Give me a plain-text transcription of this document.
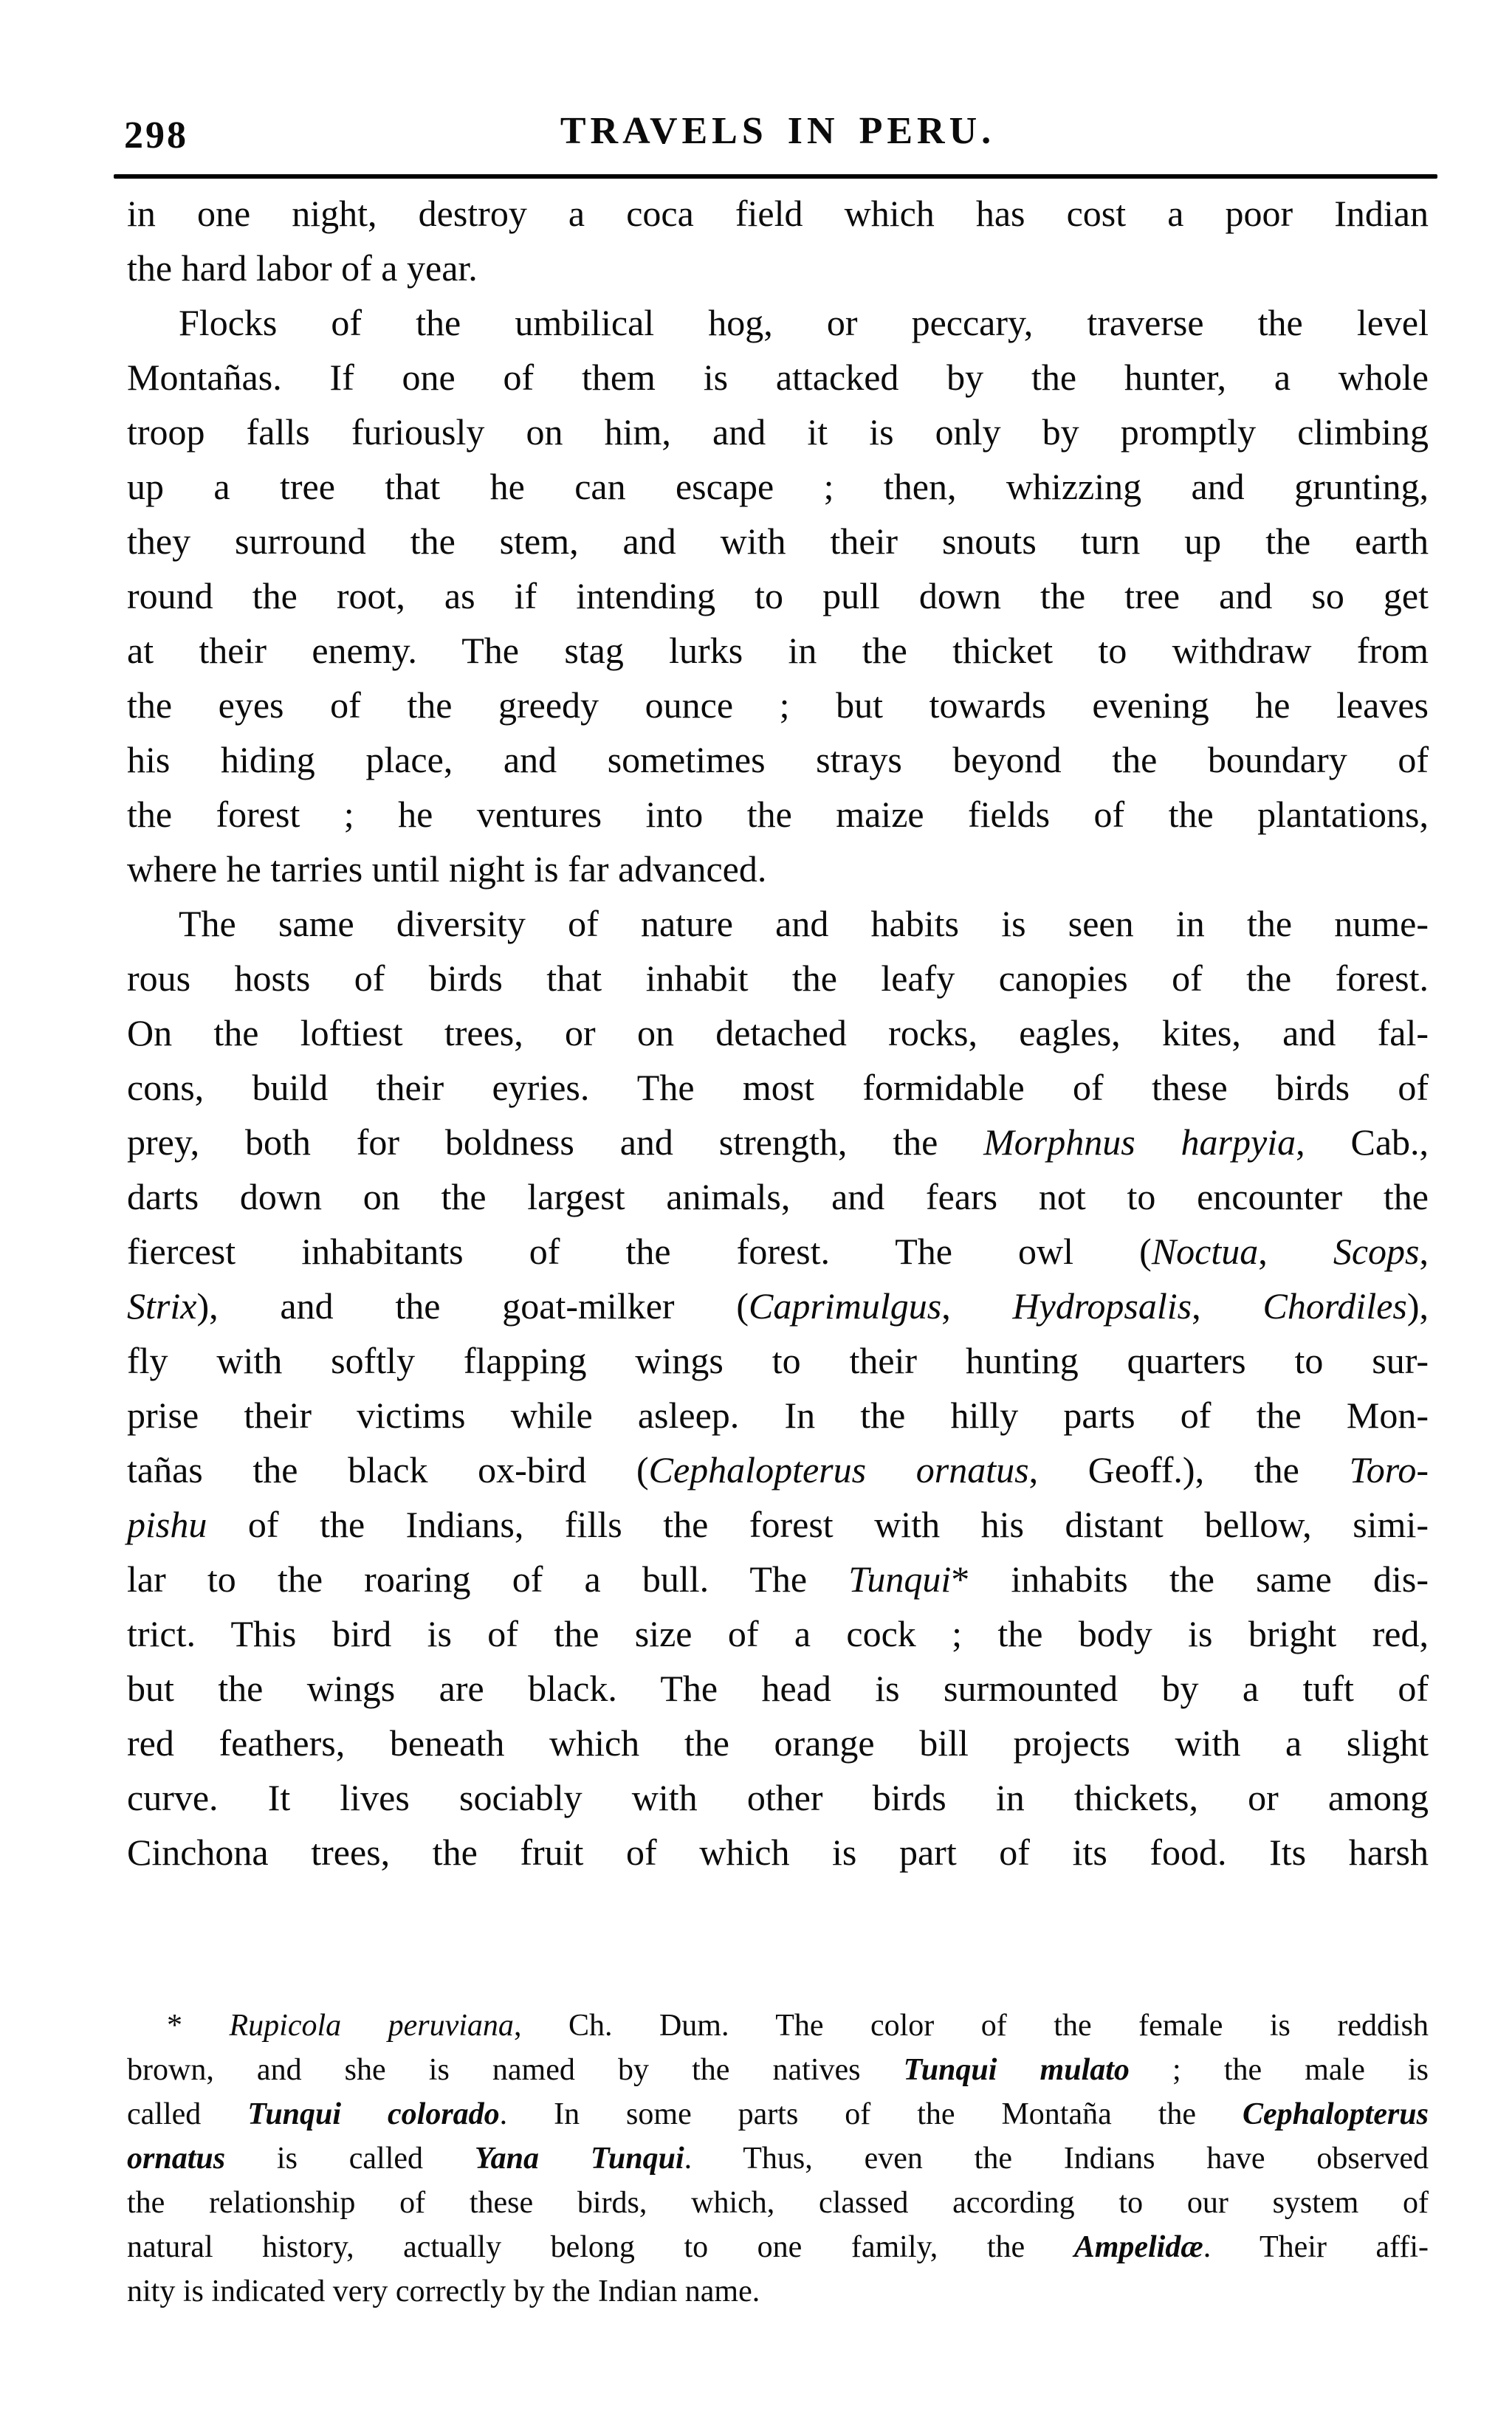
298	TRAVELS IN PERU.
in one night, destroy a coca field which has cost a poor Indian
the hard labor of a year.
Flocks of the umbilical hog, or peccary, traverse the level
Montañas. If one of them is attacked by the hunter, a whole
troop falls furiously on him, and it is only by promptly climbing
up a tree that he can escape ; then, whizzing and grunting,
they surround the stem, and with their snouts turn up the earth
round the root, as if intending to pull down the tree and so get
at their enemy. The stag lurks in the thicket to withdraw from
the eyes of the greedy ounce ; but towards evening he leaves
his hiding place, and sometimes strays beyond the boundary of
the forest ; he ventures into the maize fields of the plantations,
where he tarries until night is far advanced.
The same diversity of nature and habits is seen in the nume-
rous hosts of birds that inhabit the leafy canopies of the forest.
On the loftiest trees, or on detached rocks, eagles, kites, and fal-
cons, build their eyries. The most formidable of these birds of
prey, both for boldness and strength, the Morphnus harpyia, Cab.,
darts down on the largest animals, and fears not to encounter the
fiercest inhabitants of the forest. The owl (Noctua, Scops,
Strix), and the goat-milker (Caprimulgus, Hydropsalis, Chordiles),
fly with softly flapping wings to their hunting quarters to sur-
prise their victims while asleep. In the hilly parts of the Mon-
tañas the black ox-bird (Cephalopterus ornatus, Geoff.), the Toro-
pishu of the Indians, fills the forest with his distant bellow, simi-
lar to the roaring of a bull. The Tunqui* inhabits the same dis-
trict. This bird is of the size of a cock ; the body is bright red,
but the wings are black. The head is surmounted by a tuft of
red feathers, beneath which the orange bill projects with a slight
curve. It lives sociably with other birds in thickets, or among
Cinchona trees, the fruit of which is part of its food. Its harsh
* Rupicola peruviana, Ch. Dum. The color of the female is reddish
brown, and she is named by the natives Tunqui mulato ; the male is
called Tunqui colorado. In some parts of the Montaña the Cephalopterus
ornatus is called Yana Tunqui. Thus, even the Indians have observed
the relationship of these birds, which, classed according to our system of
natural history, actually belong to one family, the Ampelidæ. Their affi-
nity is indicated very correctly by the Indian name.
